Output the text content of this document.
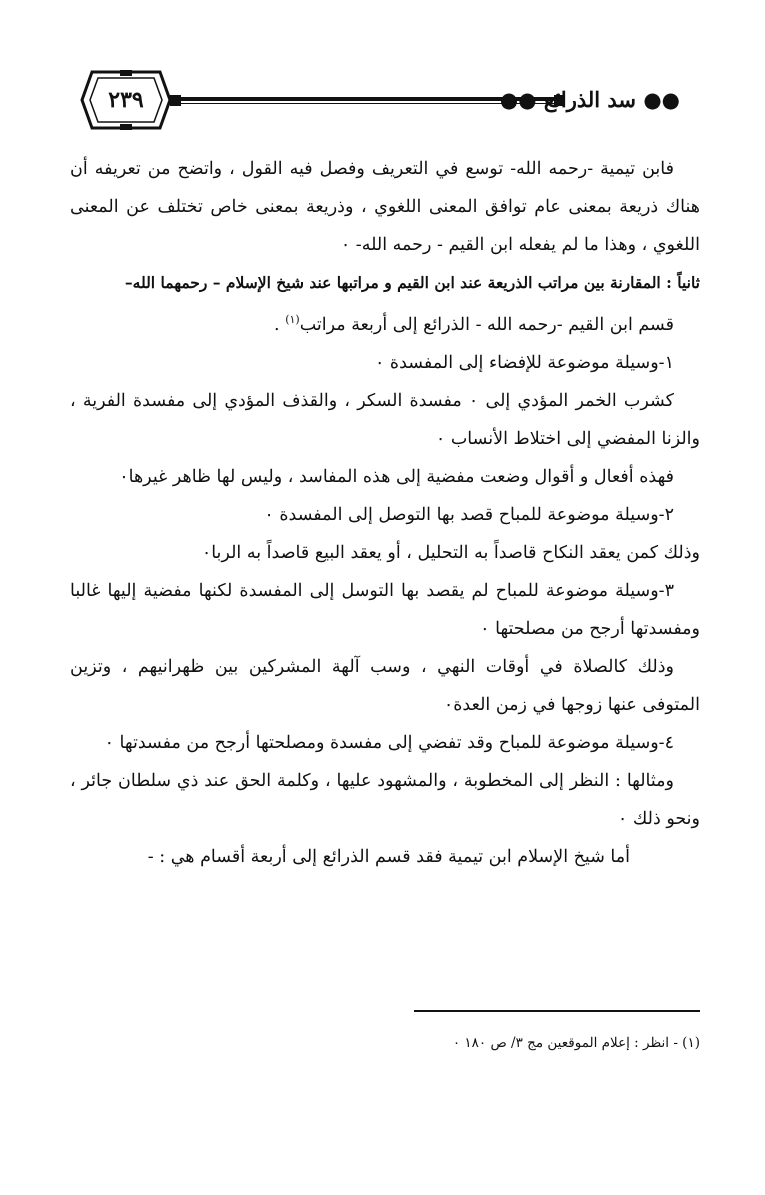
٢٣٩	●● سد الذرائع ●●

فابن تيمية -رحمه الله- توسع في التعريف وفصل فيه القول ، واتضح من تعريفه أن هناك ذريعة بمعنى عام توافق المعنى اللغوي ، وذريعة بمعنى خاص تختلف عن المعنى اللغوي ، وهذا ما لم يفعله ابن القيم - رحمه الله- ٠

ثانياً : المقارنة بين مراتب الذريعة عند ابن القيم و مراتبها عند شيخ الإسلام – رحمهما الله–

قسم ابن القيم -رحمه الله - الذرائع إلى أربعة مراتب$^{(١)}$ .

١-وسيلة موضوعة للإفضاء إلى المفسدة ٠

كشرب الخمر المؤدي إلى ٠ مفسدة السكر ، والقذف المؤدي إلى مفسدة الفرية ، والزنا المفضي إلى اختلاط الأنساب ٠

فهذه أفعال و أقوال وضعت مفضية إلى هذه المفاسد ، وليس لها ظاهر غيرها٠

٢-وسيلة موضوعة للمباح قصد بها التوصل إلى المفسدة ٠

وذلك كمن يعقد النكاح قاصداً به التحليل ، أو يعقد البيع قاصداً به الربا٠

٣-وسيلة موضوعة للمباح لم يقصد بها التوسل إلى المفسدة لكنها مفضية إليها غالبا ومفسدتها أرجح من مصلحتها ٠

وذلك كالصلاة في أوقات النهي ، وسب آلهة المشركين بين ظهرانيهم ، وتزين المتوفى عنها زوجها في زمن العدة٠

٤-وسيلة موضوعة للمباح وقد تفضي إلى مفسدة ومصلحتها أرجح من مفسدتها ٠

ومثالها : النظر إلى المخطوبة ، والمشهود عليها ، وكلمة الحق عند ذي سلطان جائر ، ونحو ذلك ٠

أما شيخ الإسلام ابن تيمية فقد قسم الذرائع إلى أربعة أقسام هي : -

(١) - انظر : إعلام الموقعين مج ٣/ ص ١٨٠ ٠
